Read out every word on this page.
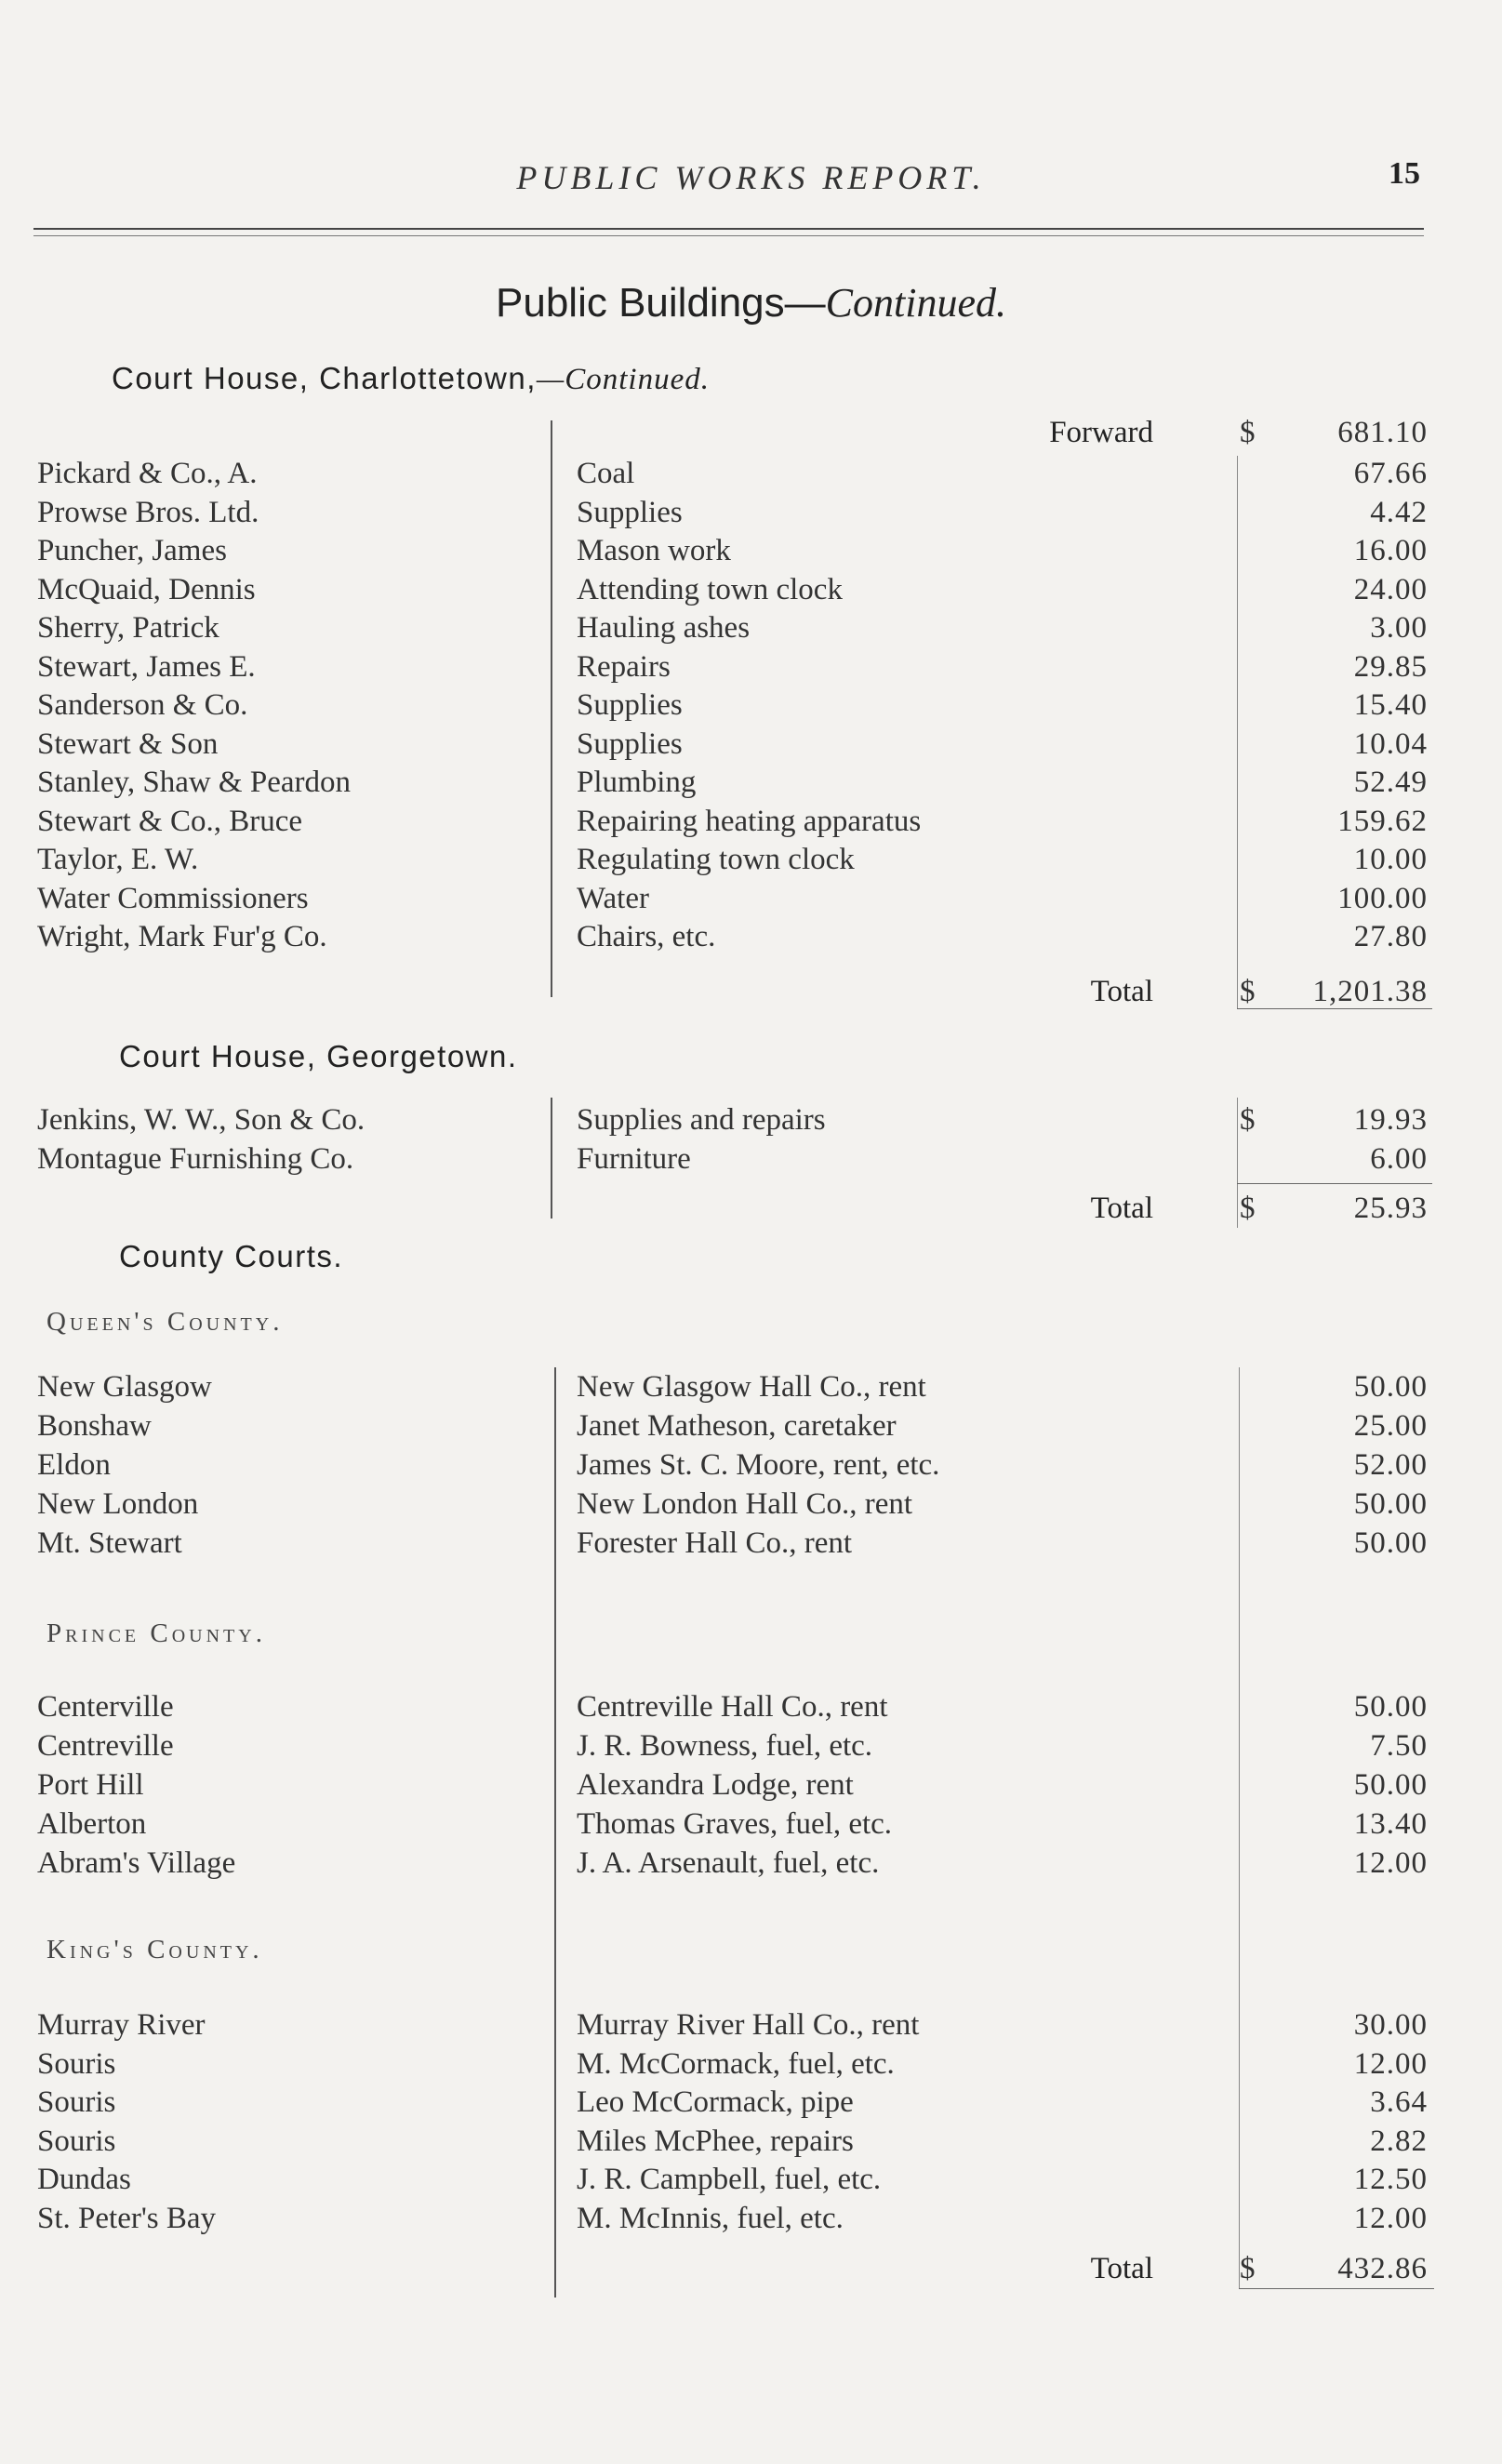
PUBLIC WORKS REPORT.	15
Public Buildings—Continued.
Court House, Charlottetown,—Continued.
Forward	$	681.10
Pickard & Co., A.	Coal	67.66
Prowse Bros. Ltd.	Supplies	4.42
Puncher, James	Mason work	16.00
McQuaid, Dennis	Attending town clock	24.00
Sherry, Patrick	Hauling ashes	3.00
Stewart, James E.	Repairs	29.85
Sanderson & Co.	Supplies	15.40
Stewart & Son	Supplies	10.04
Stanley, Shaw & Peardon	Plumbing	52.49
Stewart & Co., Bruce	Repairing heating apparatus	159.62
Taylor, E. W.	Regulating town clock	10.00
Water Commissioners	Water	100.00
Wright, Mark Fur'g Co.	Chairs, etc.	27.80
Total	$ 1,201.38
Court House, Georgetown.
Jenkins, W. W., Son & Co.	Supplies and repairs	$	19.93
Montague Furnishing Co.	Furniture	6.00
Total	$	25.93
County Courts.
Queen's County.
New Glasgow	New Glasgow Hall Co., rent	50.00
Bonshaw	Janet Matheson, caretaker	25.00
Eldon	James St. C. Moore, rent, etc.	52.00
New London	New London Hall Co., rent	50.00
Mt. Stewart	Forester Hall Co., rent	50.00
Prince County.
Centerville	Centreville Hall Co., rent	50.00
Centreville	J. R. Bowness, fuel, etc.	7.50
Port Hill	Alexandra Lodge, rent	50.00
Alberton	Thomas Graves, fuel, etc.	13.40
Abram's Village	J. A. Arsenault, fuel, etc.	12.00
King's County.
Murray River	Murray River Hall Co., rent	30.00
Souris	M. McCormack, fuel, etc.	12.00
Souris	Leo McCormack, pipe	3.64
Souris	Miles McPhee, repairs	2.82
Dundas	J. R. Campbell, fuel, etc.	12.50
St. Peter's Bay	M. McInnis, fuel, etc.	12.00
Total	$	432.86
